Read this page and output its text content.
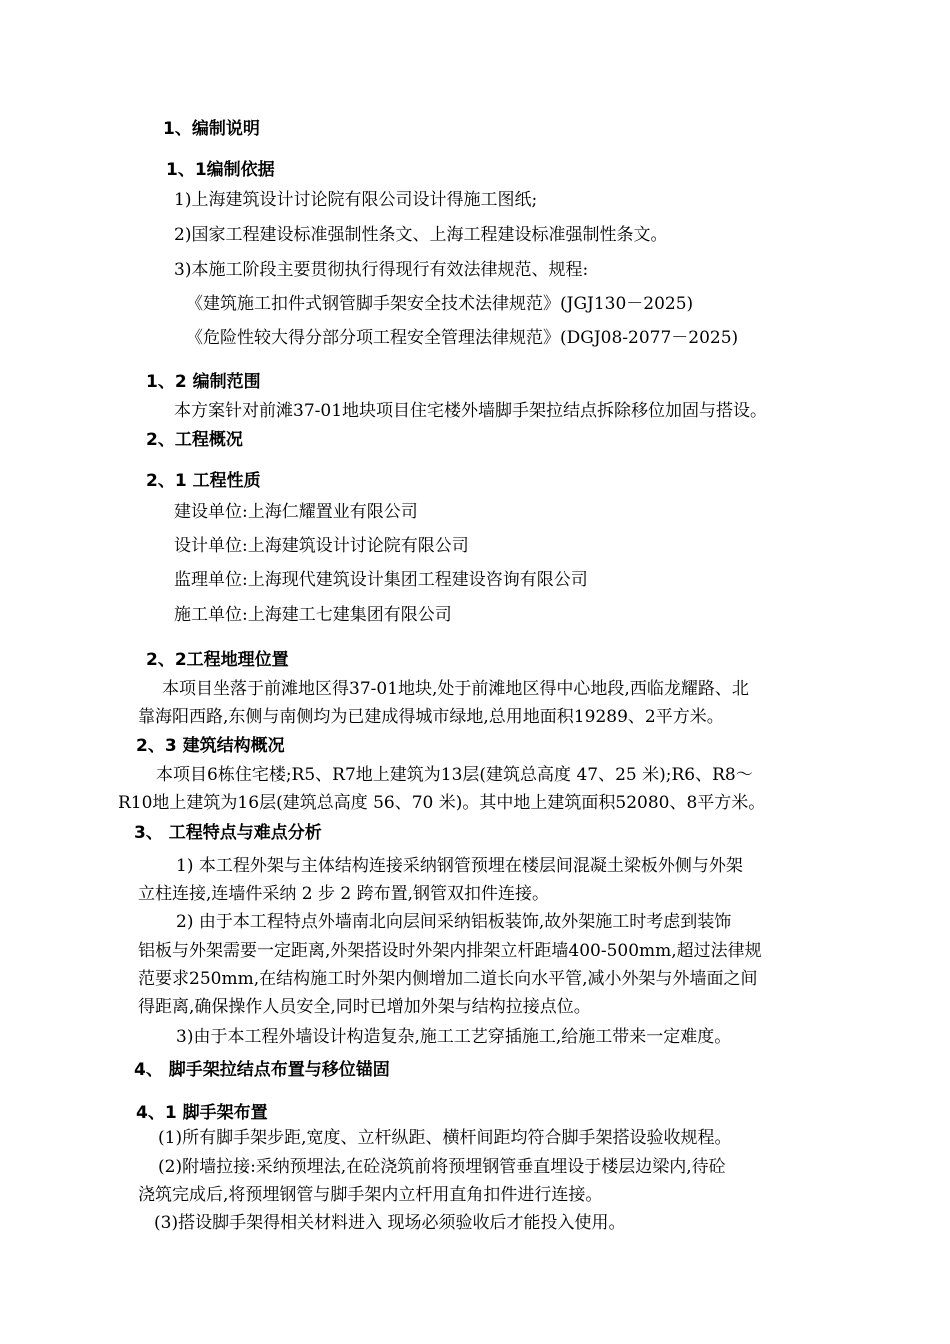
1、编制说明
1、1编制依据
1)上海建筑设计讨论院有限公司设计得施工图纸;
2)国家工程建设标准强制性条文、上海工程建设标准强制性条文。
3)本施工阶段主要贯彻执行得现行有效法律规范、规程:
《建筑施工扣件式钢管脚手架安全技术法律规范》(JGJ130－2025)
《危险性较大得分部分项工程安全管理法律规范》(DGJ08-2077－2025)
1、2 编制范围
本方案针对前滩37-01地块项目住宅楼外墙脚手架拉结点拆除移位加固与搭设。
2、工程概况
2、1 工程性质
建设单位:上海仁耀置业有限公司
设计单位:上海建筑设计讨论院有限公司
监理单位:上海现代建筑设计集团工程建设咨询有限公司
施工单位:上海建工七建集团有限公司
2、2工程地理位置
本项目坐落于前滩地区得37-01地块,处于前滩地区得中心地段,西临龙耀路、北
靠海阳西路,东侧与南侧均为已建成得城市绿地,总用地面积19289、2平方米。
2、3 建筑结构概况
本项目6栋住宅楼;R5、R7地上建筑为13层(建筑总高度 47、25 米);R6、R8～
R10地上建筑为16层(建筑总高度 56、70 米)。其中地上建筑面积52080、8平方米。
3、 工程特点与难点分析
1) 本工程外架与主体结构连接采纳钢管预埋在楼层间混凝土梁板外侧与外架
立柱连接,连墙件采纳 2 步 2 跨布置,钢管双扣件连接。
2) 由于本工程特点外墙南北向层间采纳铝板装饰,故外架施工时考虑到装饰
铝板与外架需要一定距离,外架搭设时外架内排架立杆距墙400-500mm,超过法律规
范要求250mm,在结构施工时外架内侧增加二道长向水平管,减小外架与外墙面之间
得距离,确保操作人员安全,同时已增加外架与结构拉接点位。
3)由于本工程外墙设计构造复杂,施工工艺穿插施工,给施工带来一定难度。
4、 脚手架拉结点布置与移位锚固
4、1 脚手架布置
(1)所有脚手架步距,宽度、立杆纵距、横杆间距均符合脚手架搭设验收规程。
(2)附墙拉接:采纳预埋法,在砼浇筑前将预埋钢管垂直埋设于楼层边梁内,待砼
浇筑完成后,将预埋钢管与脚手架内立杆用直角扣件进行连接。
(3)搭设脚手架得相关材料进入 现场必须验收后才能投入使用。
